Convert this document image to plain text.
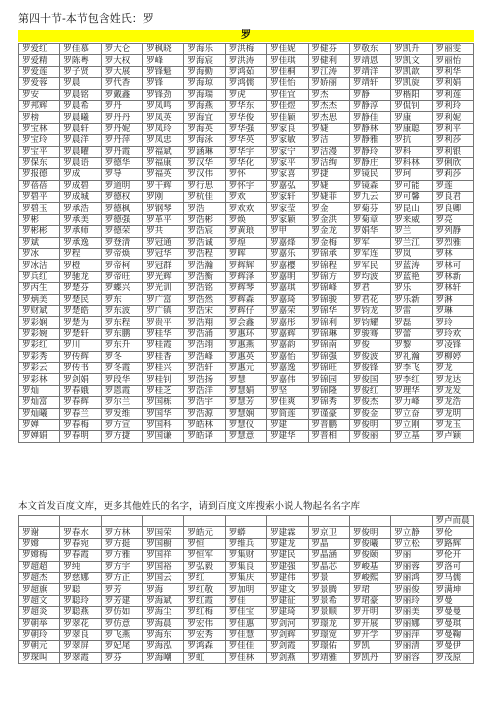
第四十节-本节包含姓氏：罗
罗
罗爱红	罗佳慕	罗大仑	罗枫晓	罗海乐	罗洪梅	罗佳妮	罗健芬	罗敬东	罗凯升	罗丽雯
罗爱精	罗陈粤	罗大权	罗峰	罗海宸	罗洪涛	罗佳琪	罗健利	罗靖恩	罗凯文	罗丽怡
罗爱莲	罗子贤	罗大展	罗锋魁	罗海勤	罗鸿茹	罗佳桐	罗江涛	罗靖洋	罗凯歆	罗利华
罗爱蓉	罗晨	罗代香	罗锋	罗海琼	罗鸿儒	罗佳怡	罗娇丽	罗靖轩	罗凯旋	罗利娟
罗安	罗晨铭	罗戴鑫	罗锋劲	罗海瑞	罗虎	罗佳宜	罗杰	罗静	罗楷阳	罗利莲
罗邦辉	罗晨希	罗丹	罗凤鸣	罗海燕	罗华东	罗佳煜	罗杰杰	罗静淳	罗侃钊	罗利玲
罗榜	罗晨曦	罗丹丹	罗凤英	罗海宜	罗华俊	罗佳颖	罗杰思	罗静佳	罗康	罗利妮
罗宝林	罗晨轩	罗丹妮	罗凤玲	罗海英	罗华强	罗家良	罗婕	罗静林	罗康聪	罗利平
罗宝玲	罗晨洋	罗丹萍	罗凤忠	罗海泳	罗华英	罗家敏	罗洁	罗静雅	罗抗	罗利莎
罗宝平	罗晨曜	罗丹霞	罗福斌	罗涵琳	罗华宇	罗家宁	罗洁漫	罗静玲	罗科	罗利银
罗保东	罗晨语	罗德华	罗福康	罗汉华	罗华化	罗家平	罗洁绚	罗静庄	罗科林	罗俐欣
罗报德	罗成	罗导	罗福英	罗汉伟	罗怀	罗家喜	罗捷	罗镜民	罗珂	罗莉莎
罗蓓蓓	罗成碧	罗道明	罗干辉	罗行思	罗怀宇	罗嘉弘	罗婕	罗镜森	罗可能	罗莲
罗碧平	罗成城	罗德权	罗刚	罗杭佳	罗欢	罗家轩	罗婕菲	罗九云	罗可馨	罗良君
罗碧玉	罗承浩	罗德枫	罗钢琴	罗浩	罗欢欢	罗家莹	罗金	罗菊芬	罗昆山	罗良卿
罗彬	罗承美	罗德强	罗革平	罗浩彬	罗焕	罗家颖	罗金洪	罗菊章	罗来威	罗亮
罗彬彬	罗承师	罗德荣	罗共	罗浩宸	罗黄琅	罗甲	罗金龙	罗娟华	罗兰	罗列静
罗斌	罗承逸	罗登清	罗冠通	罗浩诚	罗煌	罗嘉烽	罗金梅	罗军	罗兰江	罗烈雅
罗冰	罗程	罗帝焕	罗冠华	罗浩程	罗晖	罗嘉乐	罗锦承	罗军连	罗岚	罗林
罗冰洁	罗橙	罗帝柯	罗冠群	罗浩瀚	罗辉辉	罗嘉樱	罗锦程	罗军民	罗蓝涛	罗林可
罗兵红	罗驰龙	罗帝旺	罗光辉	罗浩衡	罗辉泽	罗嘉明	罗锦方	罗均波	罗蓝艳	罗林新
罗丙生	罗楚芬	罗蝶兴	罗光训	罗浩铭	罗辉琴	罗嘉琪	罗锦峰	罗君	罗乐	罗林轩
罗炳美	罗楚民	罗东	罗广富	罗浩然	罗辉森	罗嘉琦	罗锦骏	罗君花	罗乐新	罗淋
罗财斌	罗楚皓	罗东波	罗广镇	罗浩宋	罗辉仔	罗嘉荣	罗锦华	罗钧龙	罗雷	罗琳
罗彩娴	罗楚为	罗东程	罗贵平	罗浩翔	罗会鑫	罗嘉彤	罗锦利	罗钧耀	罗磊	罗玲
罗彩婉	罗楚轩	罗东鹏	罗桂华	罗浩涌	罗惠环	罗嘉辉	罗锦琳	罗骏骞	罗蕾	罗玲欢
罗彩红	罗川	罗东升	罗桂霞	罗浩翊	罗惠燕	罗嘉韵	罗锦南	罗俊	罗黎	罗凌锋
罗彩秀	罗传辉	罗冬	罗桂香	罗浩峰	罗惠英	罗嘉怡	罗锦强	罗俊波	罗礼瀚	罗柳婷
罗彩云	罗传书	罗冬霞	罗桂兴	罗浩轩	罗惠元	罗嘉逸	罗锦旺	罗俊锋	罗李飞	罗龙
罗彩林	罗剑娟	罗段华	罗桂钊	罗浩扬	罗慧	罗嘉伟	罗锦园	罗俊国	罗李红	罗龙达
罗灿	罗春娥	罗恩霞	罗桂芝	罗浩洋	罗慧娟	罗坚	罗锦隆	罗俊红	罗理华	罗龙发
罗灿富	罗春辉	罗尔兰	罗国栋	罗浩宇	罗慧芳	罗佳爽	罗锦秀	罗俊杰	罗力峰	罗龙浩
罗灿曦	罗春兰	罗发维	罗国华	罗浩源	罗慧娴	罗简莲	罗谨豪	罗俊金	罗立奋	罗龙明
罗婵	罗春梅	罗方宣	罗国科	罗皓林	罗慧仪	罗建	罗晋鹏	罗俊明	罗立刚	罗龙玉
罗婵娟	罗春明	罗方捷	罗国谦	罗皓译	罗慧意	罗建华	罗晋相	罗俊丽	罗立基	罗卢颖
本文首发百度文库，更多其他姓氏的名字，请到百度文库搜索小说人物起名名字库
										罗卢而晨
罗谢	罗春水	罗方林	罗国荣	罗皓元	罗蟒	罗建霖	罗京卫	罗俊明	罗立静	罗伦
罗嫦	罗春宛	罗方挺	罗国橱	罗恒	罗维兵	罗建龙	罗晶	罗俊曦	罗立松	罗路辉
罗嫦梅	罗春霞	罗方雅	罗国祥	罗恒军	罗集财	罗建民	罗晶涵	罗俊颐	罗丽	罗伦开
罗超超	罗纯	罗方宇	罗国裕	罗弘毅	罗集良	罗建强	罗晶芯	罗峻基	罗丽蓉	罗洛可
罗超杰	罗慈娜	罗方正	罗国云	罗红	罗集庆	罗建伟	罗景	罗峻熙	罗丽鸿	罗马儒
罗超旗	罗聪	罗芳	罗海	罗红敬	罗加明	罗建文	罗景腾	罗珺	罗丽俊	罗满坤
罗超文	罗聪玲	罗芳建	罗海斌	罗红霞	罗佳	罗建征	罗景希	罗珺豪	罗丽玲	罗曼
罗超炎	罗聪燕	罗仿如	罗海尘	罗红梅	罗佳宝	罗建琦	罗景顺	罗开明	罗丽美	罗曼曼
罗朝举	罗翠花	罗仿意	罗海晨	罗宏伟	罗佳惠	罗剑河	罗璟龙	罗开展	罗丽娜	罗曼琪
罗朝玲	罗翠良	罗飞燕	罗海东	罗宏秀	罗佳慧	罗剑辉	罗璟宽	罗开学	罗丽萍	罗曼鞠
罗朝元	罗翠屏	罗妃尾	罗海泓	罗鸿森	罗佳佳	罗剑霞	罗璟佑	罗凯	罗丽清	罗曼伊
罗琛叫	罗翠霞	罗芬	罗海嘲	罗虹	罗佳林	罗剑燕	罗靖雅	罗凯丹	罗丽容	罗茂原
